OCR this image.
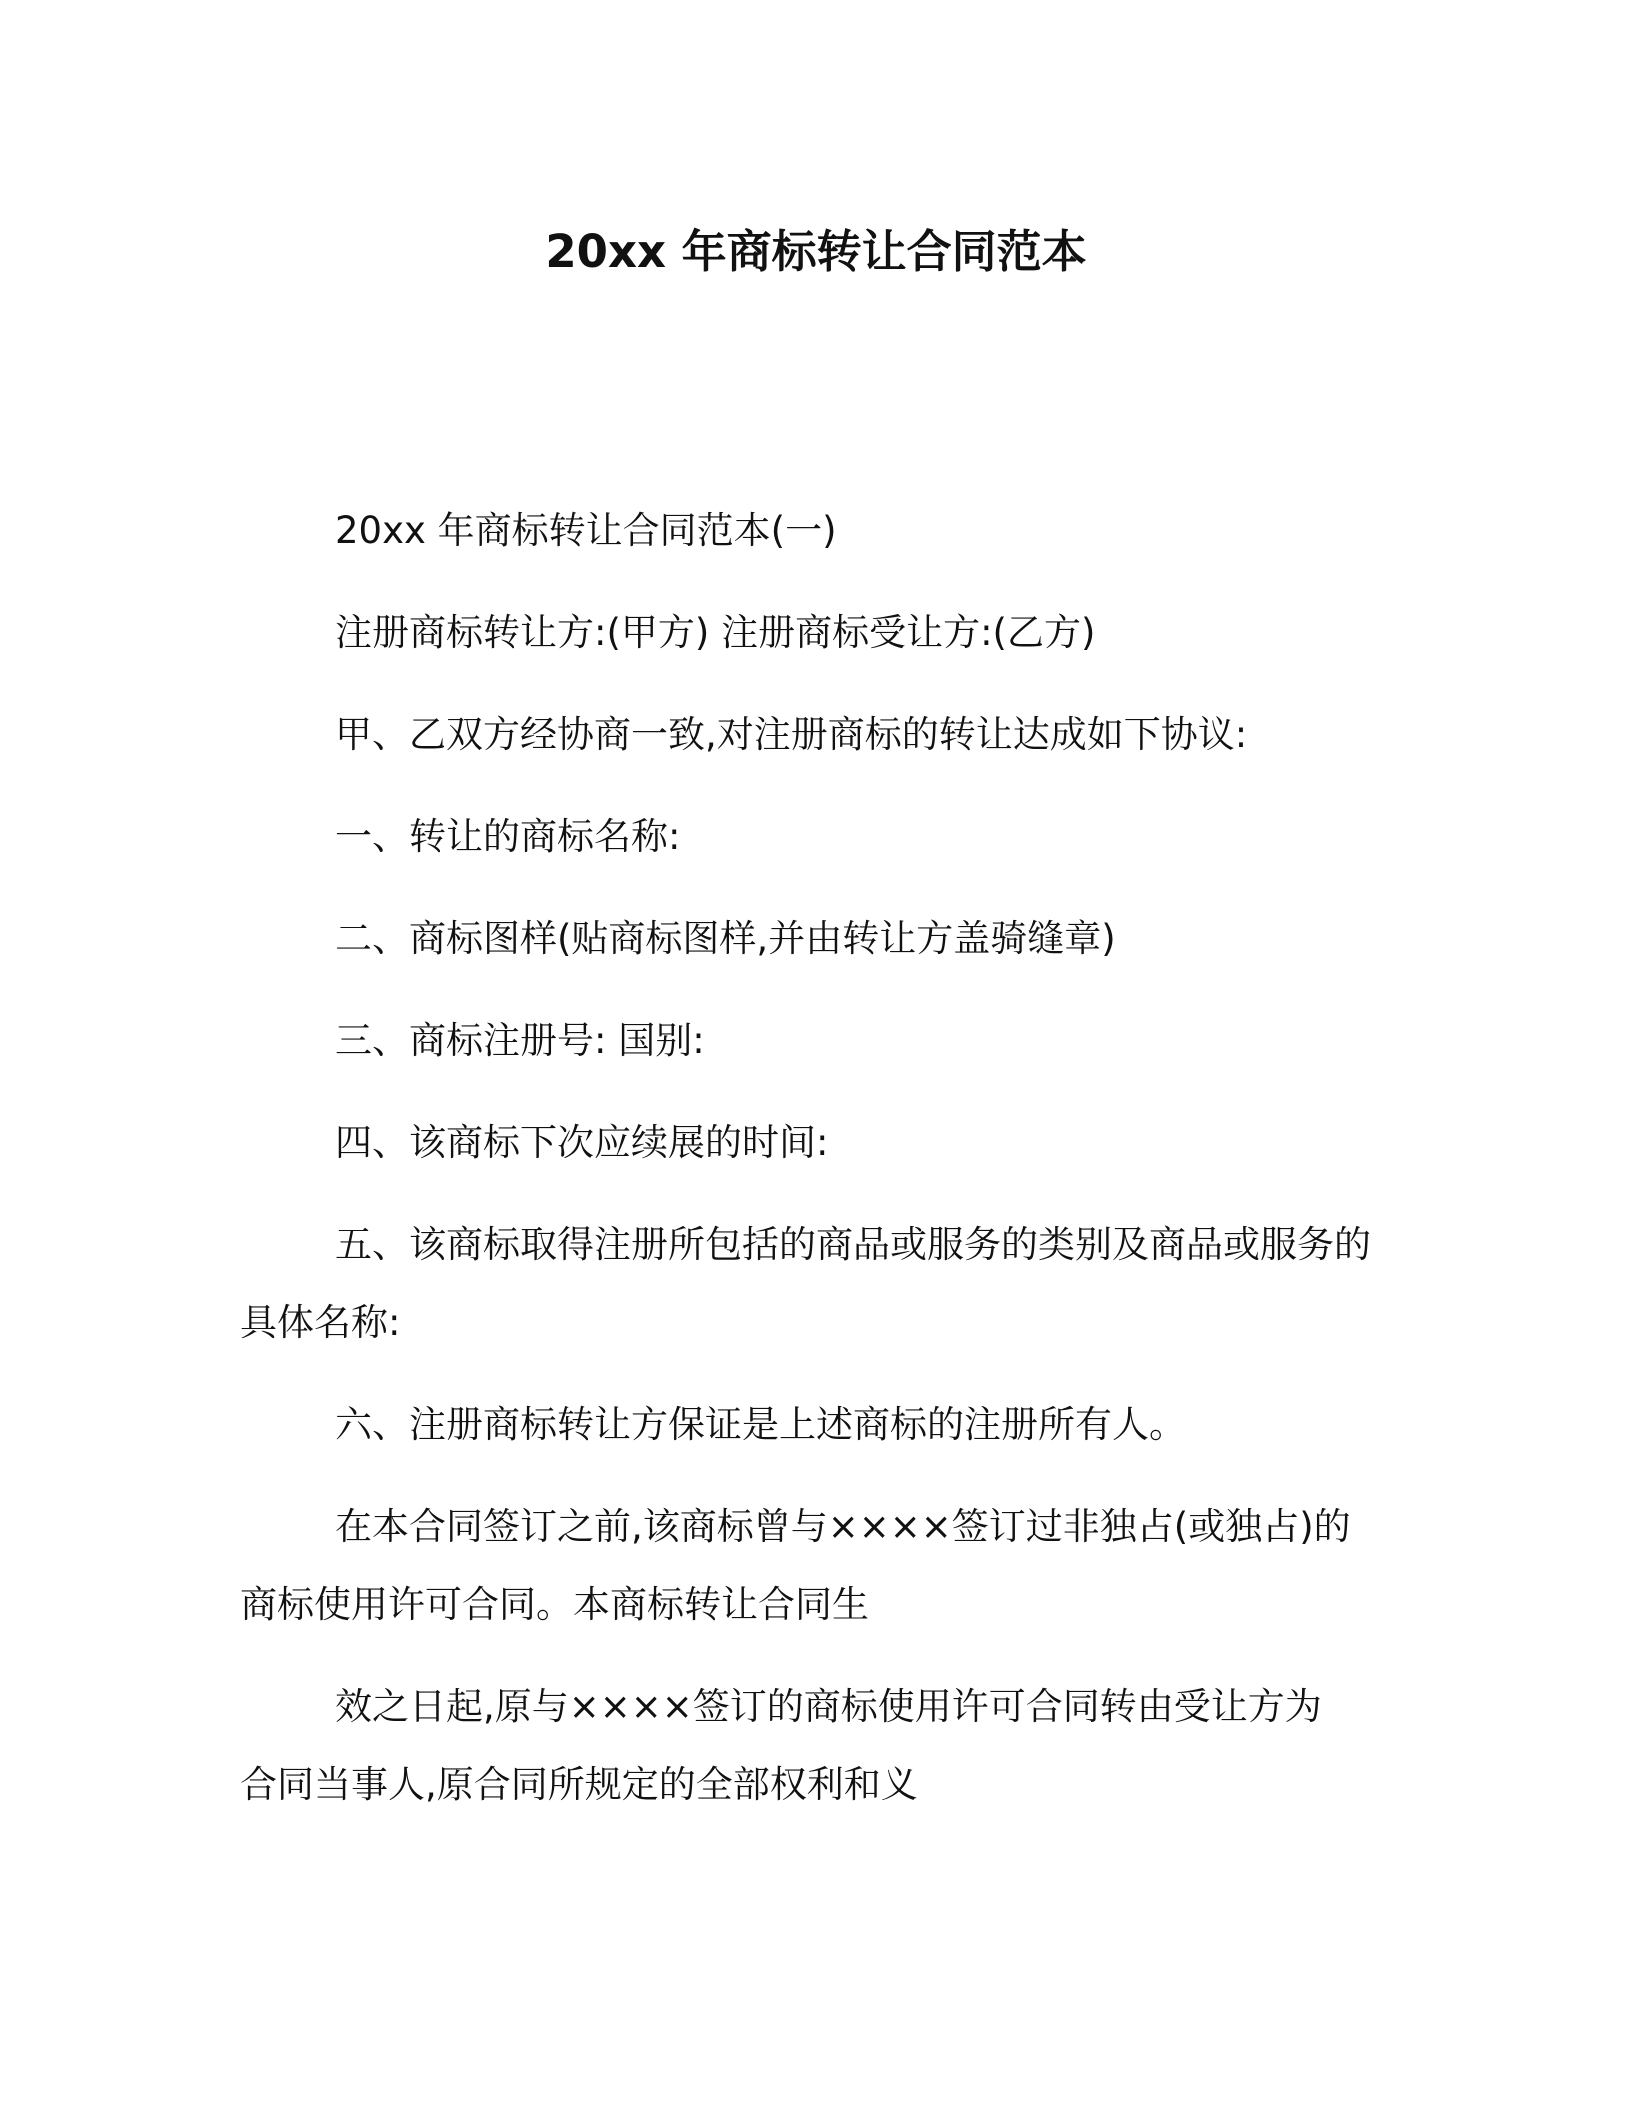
20xx 年商标转让合同范本

20xx 年商标转让合同范本(一)

注册商标转让方:(甲方) 注册商标受让方:(乙方)

甲、乙双方经协商一致,对注册商标的转让达成如下协议:

一、转让的商标名称:

二、商标图样(贴商标图样,并由转让方盖骑缝章)

三、商标注册号: 国别:

四、该商标下次应续展的时间:

五、该商标取得注册所包括的商品或服务的类别及商品或服务的
具体名称:

六、注册商标转让方保证是上述商标的注册所有人。

在本合同签订之前,该商标曾与××××签订过非独占(或独占)的
商标使用许可合同。本商标转让合同生

效之日起,原与××××签订的商标使用许可合同转由受让方为
合同当事人,原合同所规定的全部权利和义
